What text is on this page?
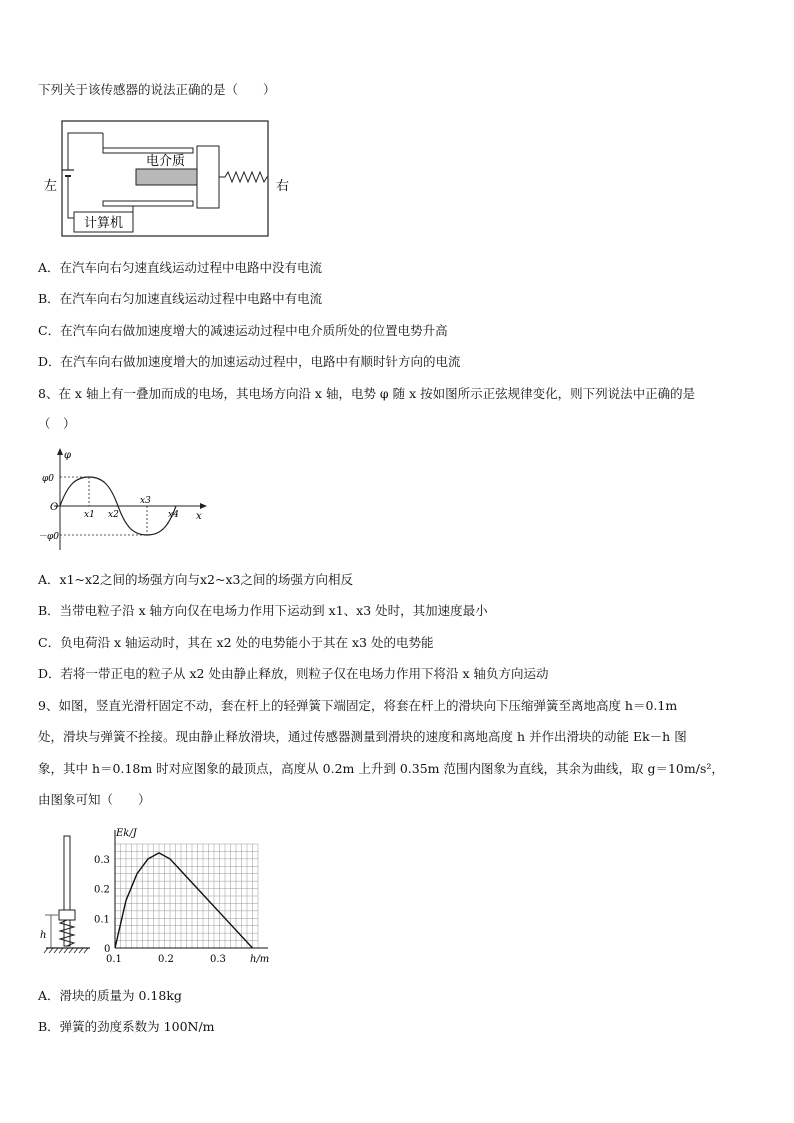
下列关于该传感器的说法正确的是（　　）
电介质
计算机
左	右
A．在汽车向右匀速直线运动过程中电路中没有电流
B．在汽车向右匀加速直线运动过程中电路中有电流
C．在汽车向右做加速度增大的减速运动过程中电介质所处的位置电势升高
D．在汽车向右做加速度增大的加速运动过程中，电路中有顺时针方向的电流
8、在 x 轴上有一叠加而成的电场，其电场方向沿 x 轴，电势 φ 随 x 按如图所示正弦规律变化，则下列说法中正确的是
（　）
φ
x
φ0
－φ0
O
x1 x2
x3
x4
A．x1~x2之间的场强方向与x2~x3之间的场强方向相反
B．当带电粒子沿 x 轴方向仅在电场力作用下运动到 x1、x3 处时，其加速度最小
C．负电荷沿 x 轴运动时，其在 x2 处的电势能小于其在 x3 处的电势能
D．若将一带正电的粒子从 x2 处由静止释放，则粒子仅在电场力作用下将沿 x 轴负方向运动
9、如图，竖直光滑杆固定不动，套在杆上的轻弹簧下端固定，将套在杆上的滑块向下压缩弹簧至离地高度 h＝0.1m
处，滑块与弹簧不拴接。现由静止释放滑块，通过传感器测量到滑块的速度和离地高度 h 并作出滑块的动能 Ek－h 图
象，其中 h＝0.18m 时对应图象的最顶点，高度从 0.2m 上升到 0.35m 范围内图象为直线，其余为曲线，取 g＝10m/s²，
由图象可知（　　）
h
Ek/J
h/m
0.3
0.2
0.1
0
0.1	0.2	0.3
A．滑块的质量为 0.18kg
B．弹簧的劲度系数为 100N/m
